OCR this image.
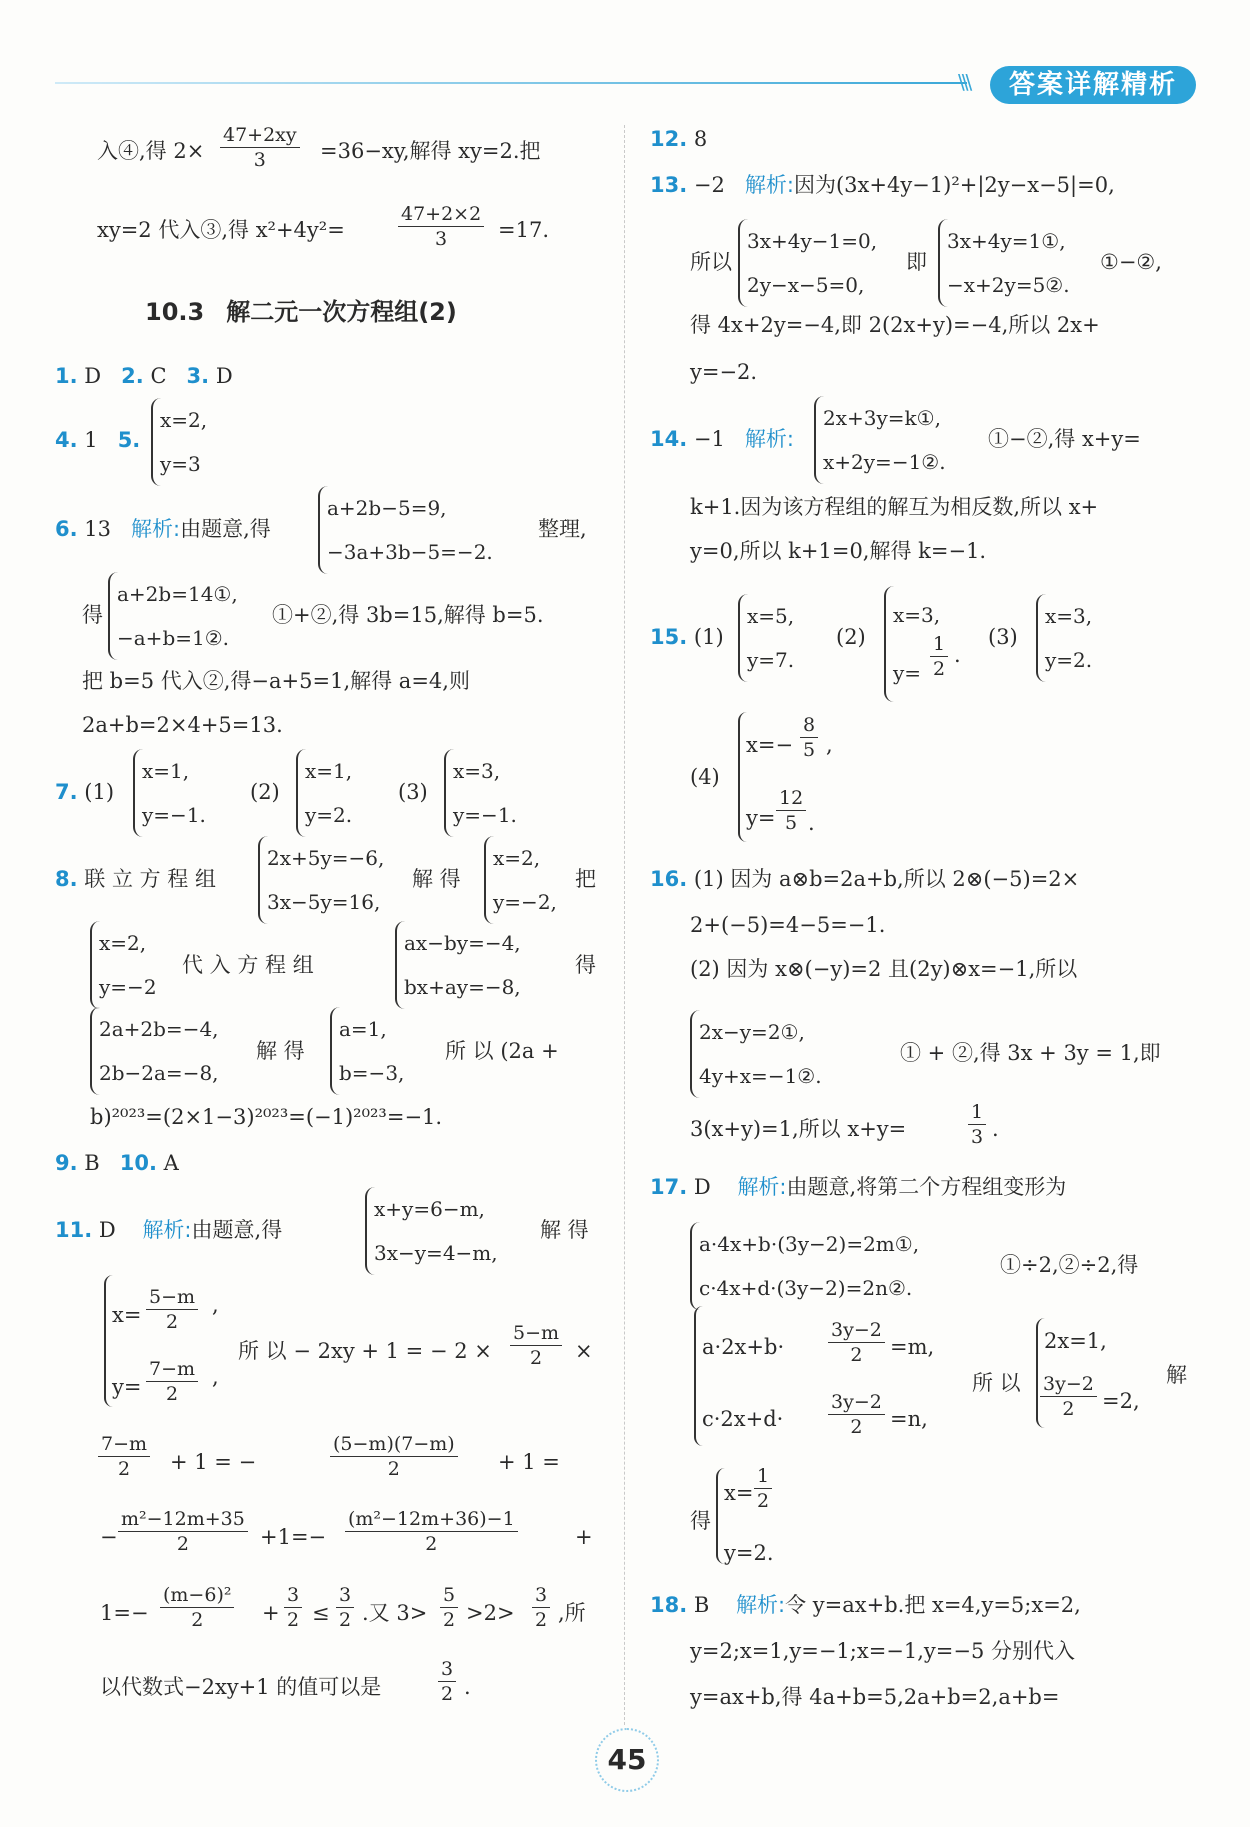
\\\	答案详解精析
入④,得 $2\times \frac{47+2xy}{3} =36-xy$,解得 xy=2.把
xy=2 代入③,得 x²+4y²=	$\frac{47+2\times 2}{3} =17$.
10.3 解二元一次方程组(2)
1. D 2. C 3. D
4. 1 5.
x=2,
y=3
6. 13 解析:由题意,得
a+2b−5=9,
−3a+3b−5=−2.
整理,
得
a+2b=14①,
−a+b=1②.
①+②,得 3b=15,解得 b=5.
把 b=5 代入②,得−a+5=1,解得 a=4,则
2a+b=2×4+5=13.
7. (1)
x=1,
y=−1.
(2)
x=1,
y=2.
(3)
x=3,
y=−1.
8. 联 立 方 程 组
2x+5y=−6,
3x−5y=16,
解 得
x=2,
y=−2,
把
x=2,
y=−2
代 入 方 程 组
ax−by=−4,
bx+ay=−8,
得
2a+2b=−4,
2b−2a=−8,
解 得
a=1,
b=−3,
所 以 (2a +
b)²⁰²³=(2×1−3)²⁰²³=(−1)²⁰²³=−1.
9. B 10. A
11. D 解析:由题意,得
x+y=6−m,
3x−y=4−m,
解 得
$x= \frac{5-m}{2}$ ,
$y= \frac{7-m}{2}$ ,
所 以 − 2xy + 1 = − $2 \times \frac{5-m}{2}$ ×
$\frac{7-m}{2} + 1$ = −	$\frac{(5-m)(7-m)}{2} + 1$ =
− $\frac{\text{m²−12m+35}}{2} +1=- \frac{\text{(m²−12m+36)−1}}{2}$	+
$1=- \frac{\text{(m−6)²}}{2} + \frac{3}{2} \le \frac{3}{2}$ .又 $3> \frac{5}{2} >2> \frac{3}{2}$ ,所
以代数式−2xy+1 的值可以是	$\frac{3}{2}$ .
12. 8
13. −2 解析:因为(3x+4y−1)²+|2y−x−5|=0,
所以
3x+4y−1=0,
2y−x−5=0,
即
3x+4y=1①,
−x+2y=5②.
①−②,
得 4x+2y=−4,即 2(2x+y)=−4,所以 2x+
y=−2.
14. −1 解析:
2x+3y=k①,
x+2y=−1②.
①−②,得 x+y=
k+1.因为该方程组的解互为相反数,所以 x+
y=0,所以 k+1=0,解得 k=−1.
15. (1)
x=5,
y=7.
(2)
x=3,
$y= \frac{1}{2}$ .
(3)
x=3,
y=2.
(4)
$x=- \frac{8}{5}$ ,
$y= \frac{12}{5}$ .
16. (1) 因为 a⊗b=2a+b,所以 2⊗(−5)=2×
2+(−5)=4−5=−1.
(2) 因为 x⊗(−y)=2 且(2y)⊗x=−1,所以
2x−y=2①,
4y+x=−1②.
① + ②,得 3x + 3y = 1,即
3(x+y)=1,所以 x+y=	$\frac{1}{3}$ .
17. D 解析:由题意,将第二个方程组变形为
a·4x+b·(3y−2)=2m①,
c·4x+d·(3y−2)=2n②.
①÷2,②÷2,得
$a\cdot 2x+b\cdot \frac{3y-2}{2} =m$,
$c\cdot 2x+d\cdot \frac{3y-2}{2} =n$,
所 以
2x=1,
$\frac{3y-2}{2} =2$,
解
得
$x= \frac{1}{2}$
y=2.
18. B 解析:令 y=ax+b.把 x=4,y=5;x=2,
y=2;x=1,y=−1;x=−1,y=−5 分别代入
y=ax+b,得 4a+b=5,2a+b=2,a+b=
45
